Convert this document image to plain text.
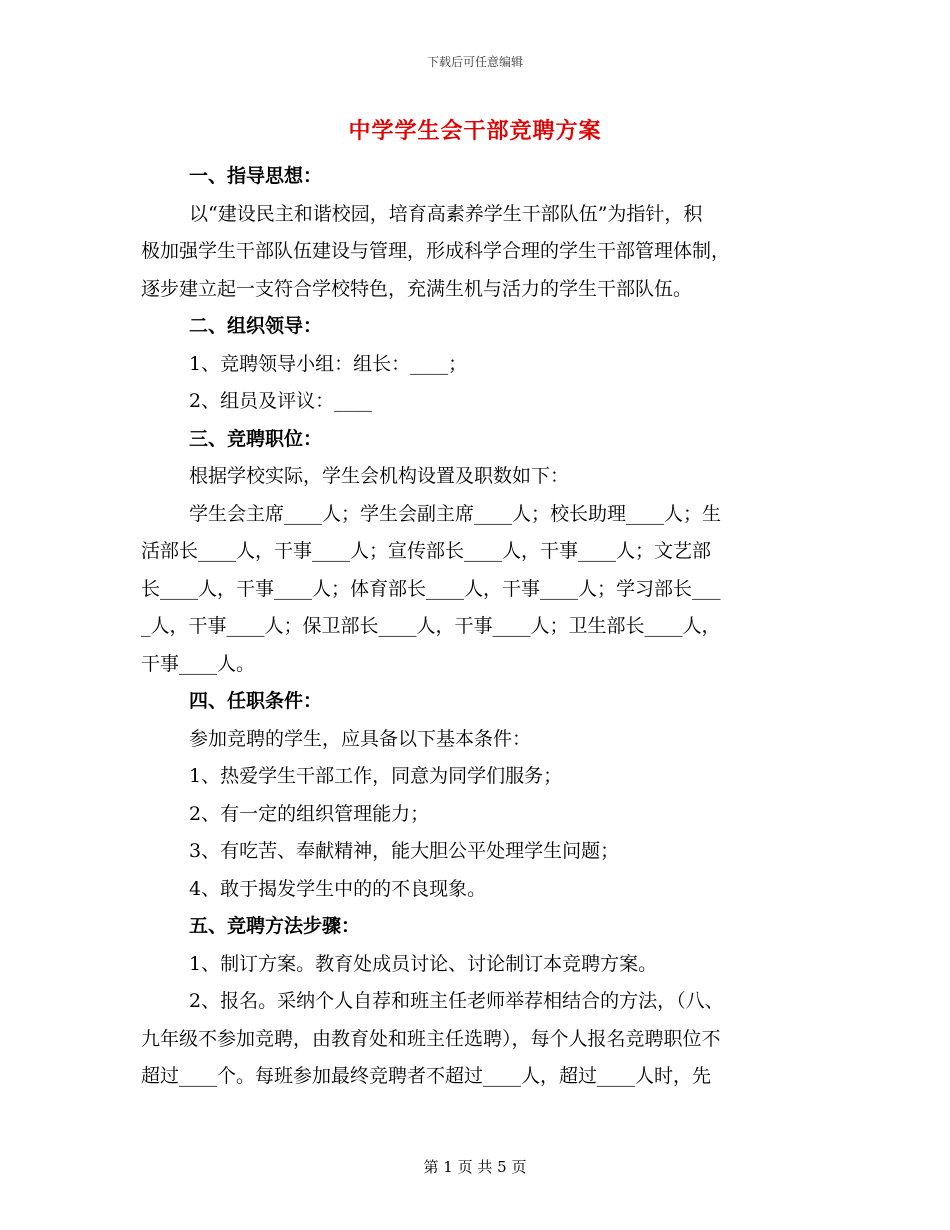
下载后可任意编辑
中学学生会干部竞聘方案

一、指导思想：

以“建设民主和谐校园，培育高素养学生干部队伍”为指针，积

极加强学生干部队伍建设与管理，形成科学合理的学生干部管理体制，

逐步建立起一支符合学校特色，充满生机与活力的学生干部队伍。

二、组织领导：

1、竞聘领导小组：组长：____；

2、组员及评议：____

三、竞聘职位：

根据学校实际，学生会机构设置及职数如下：

学生会主席____人；学生会副主席____人；校长助理____人；生

活部长____人，干事____人；宣传部长____人，干事____人；文艺部

长____人，干事____人；体育部长____人，干事____人；学习部长___

_人，干事____人；保卫部长____人，干事____人；卫生部长____人，

干事____人。

四、任职条件：

参加竞聘的学生，应具备以下基本条件：

1、热爱学生干部工作，同意为同学们服务；

2、有一定的组织管理能力；

3、有吃苦、奉献精神，能大胆公平处理学生问题；

4、敢于揭发学生中的的不良现象。

五、竞聘方法步骤：

1、制订方案。教育处成员讨论、讨论制订本竞聘方案。

2、报名。采纳个人自荐和班主任老师举荐相结合的方法，（八、

九年级不参加竞聘，由教育处和班主任选聘），每个人报名竞聘职位不

超过____个。每班参加最终竞聘者不超过____人，超过____人时，先

第 1 页 共 5 页
